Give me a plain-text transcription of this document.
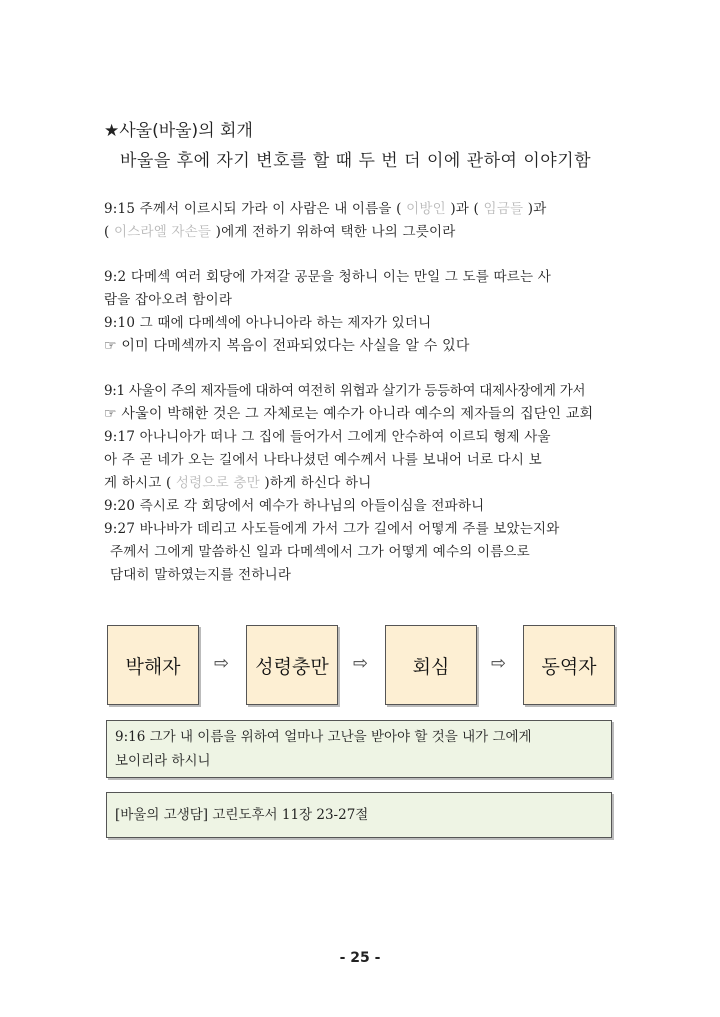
★사울(바울)의 회개
바울을 후에 자기 변호를 할 때 두 번 더 이에 관하여 이야기함
9:15 주께서 이르시되 가라 이 사람은 내 이름을 ( 이방인 )과 ( 임금들 )과
( 이스라엘 자손들 )에게 전하기 위하여 택한 나의 그릇이라
9:2 다메섹 여러 회당에 가져갈 공문을 청하니 이는 만일 그 도를 따르는 사
람을 잡아오려 함이라
9:10 그 때에 다메섹에 아나니아라 하는 제자가 있더니
☞ 이미 다메섹까지 복음이 전파되었다는 사실을 알 수 있다
9:1 사울이 주의 제자들에 대하여 여전히 위협과 살기가 등등하여 대제사장에게 가서
☞ 사울이 박해한 것은 그 자체로는 예수가 아니라 예수의 제자들의 집단인 교회
9:17 아나니아가 떠나 그 집에 들어가서 그에게 안수하여 이르되 형제 사울
아 주 곧 네가 오는 길에서 나타나셨던 예수께서 나를 보내어 너로 다시 보
게 하시고 ( 성령으로 충만 )하게 하신다 하니
9:20 즉시로 각 회당에서 예수가 하나님의 아들이심을 전파하니
9:27 바나바가 데리고 사도들에게 가서 그가 길에서 어떻게 주를 보았는지와
주께서 그에게 말씀하신 일과 다메섹에서 그가 어떻게 예수의 이름으로
담대히 말하였는지를 전하니라
박해자	⇨	성령충만	⇨	회심	⇨	동역자
9:16 그가 내 이름을 위하여 얼마나 고난을 받아야 할 것을 내가 그에게
보이리라 하시니
[바울의 고생담] 고린도후서 11장 23-27절
- 25 -
